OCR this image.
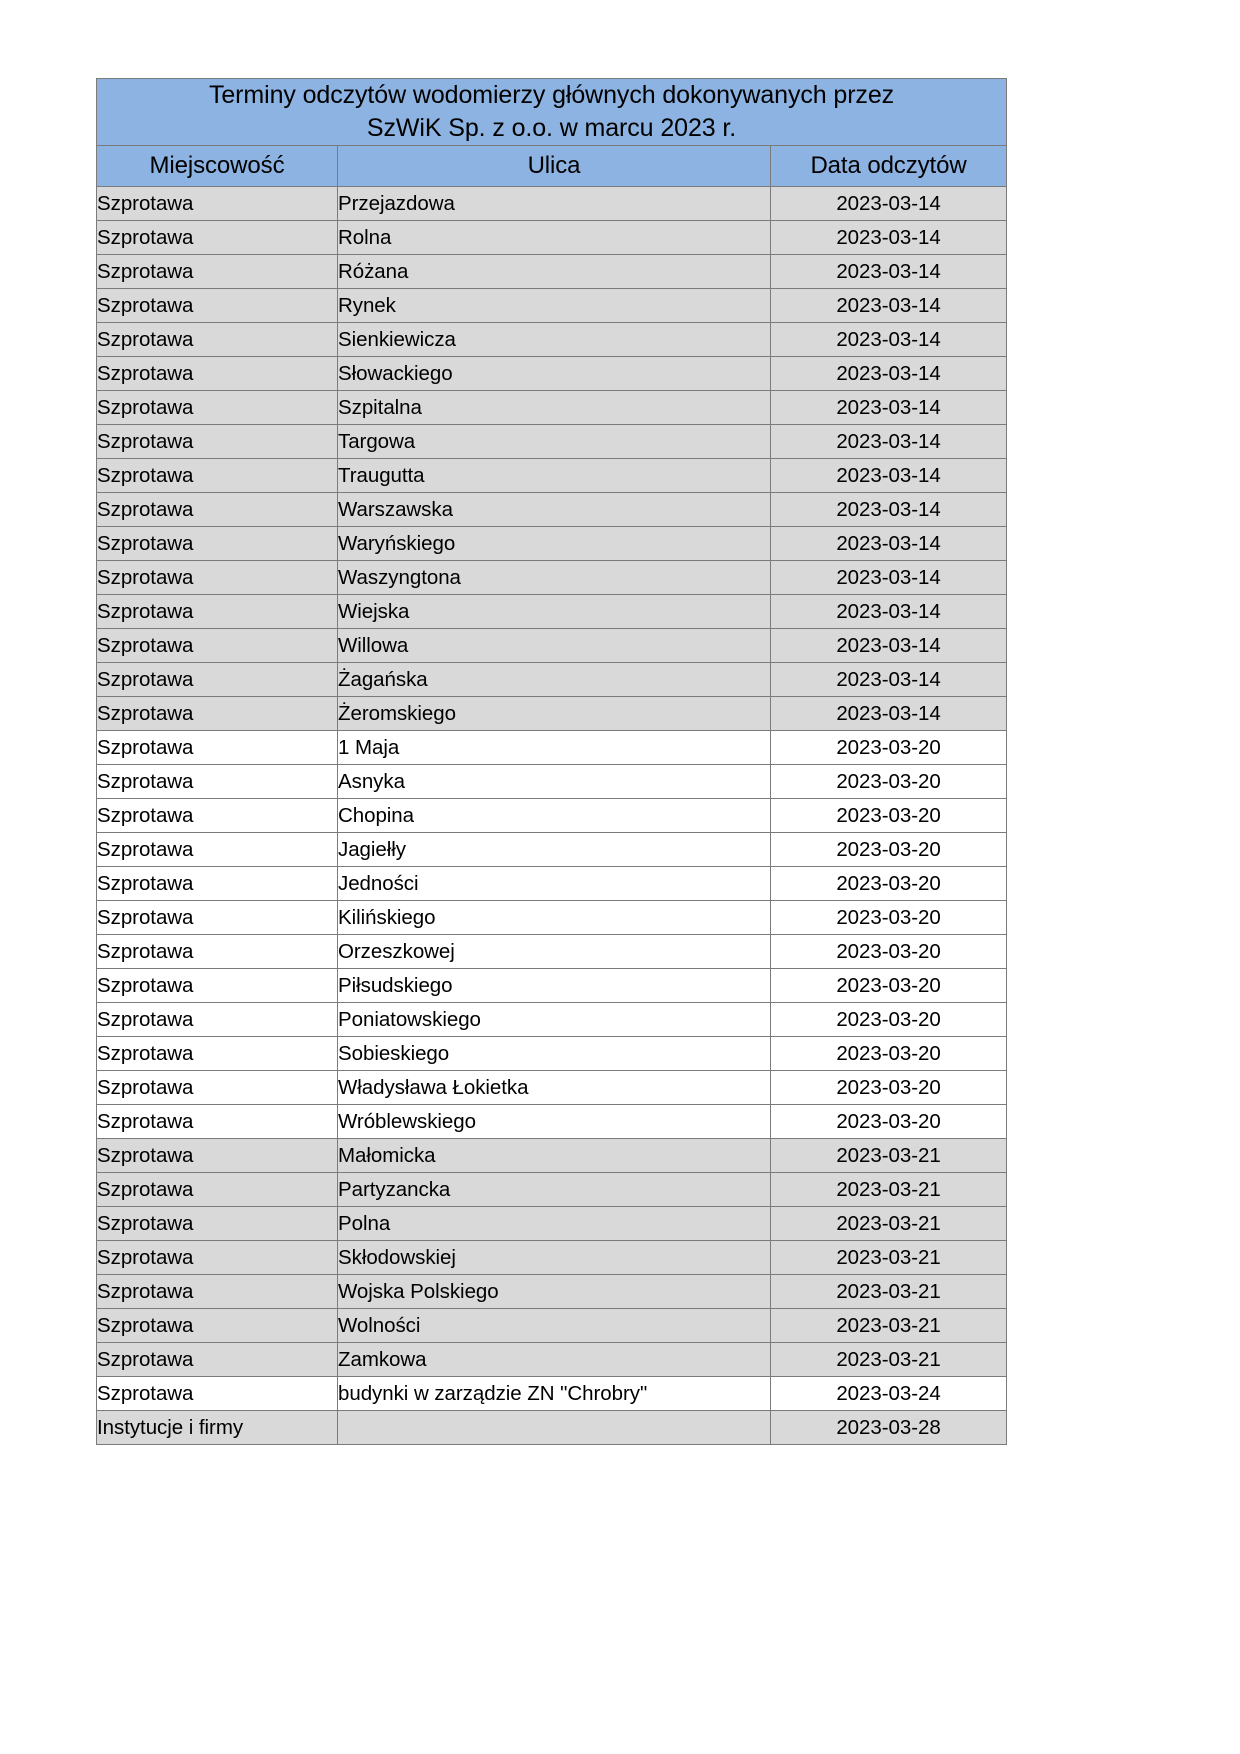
Terminy odczytów wodomierzy głównych dokonywanych przez
SzWiK Sp. z o.o. w marcu 2023 r.		

Miejscowość	Ulica	Data odczytów
Szprotawa	Przejazdowa	2023-03-14
Szprotawa	Rolna	2023-03-14
Szprotawa	Różana	2023-03-14
Szprotawa	Rynek	2023-03-14
Szprotawa	Sienkiewicza	2023-03-14
Szprotawa	Słowackiego	2023-03-14
Szprotawa	Szpitalna	2023-03-14
Szprotawa	Targowa	2023-03-14
Szprotawa	Traugutta	2023-03-14
Szprotawa	Warszawska	2023-03-14
Szprotawa	Waryńskiego	2023-03-14
Szprotawa	Waszyngtona	2023-03-14
Szprotawa	Wiejska	2023-03-14
Szprotawa	Willowa	2023-03-14
Szprotawa	Żagańska	2023-03-14
Szprotawa	Żeromskiego	2023-03-14
Szprotawa	1 Maja	2023-03-20
Szprotawa	Asnyka	2023-03-20
Szprotawa	Chopina	2023-03-20
Szprotawa	Jagiełły	2023-03-20
Szprotawa	Jedności	2023-03-20
Szprotawa	Kilińskiego	2023-03-20
Szprotawa	Orzeszkowej	2023-03-20
Szprotawa	Piłsudskiego	2023-03-20
Szprotawa	Poniatowskiego	2023-03-20
Szprotawa	Sobieskiego	2023-03-20
Szprotawa	Władysława Łokietka	2023-03-20
Szprotawa	Wróblewskiego	2023-03-20
Szprotawa	Małomicka	2023-03-21
Szprotawa	Partyzancka	2023-03-21
Szprotawa	Polna	2023-03-21
Szprotawa	Skłodowskiej	2023-03-21
Szprotawa	Wojska Polskiego	2023-03-21
Szprotawa	Wolności	2023-03-21
Szprotawa	Zamkowa	2023-03-21
Szprotawa	budynki w zarządzie ZN "Chrobry"	2023-03-24
Instytucje i firmy		2023-03-28
